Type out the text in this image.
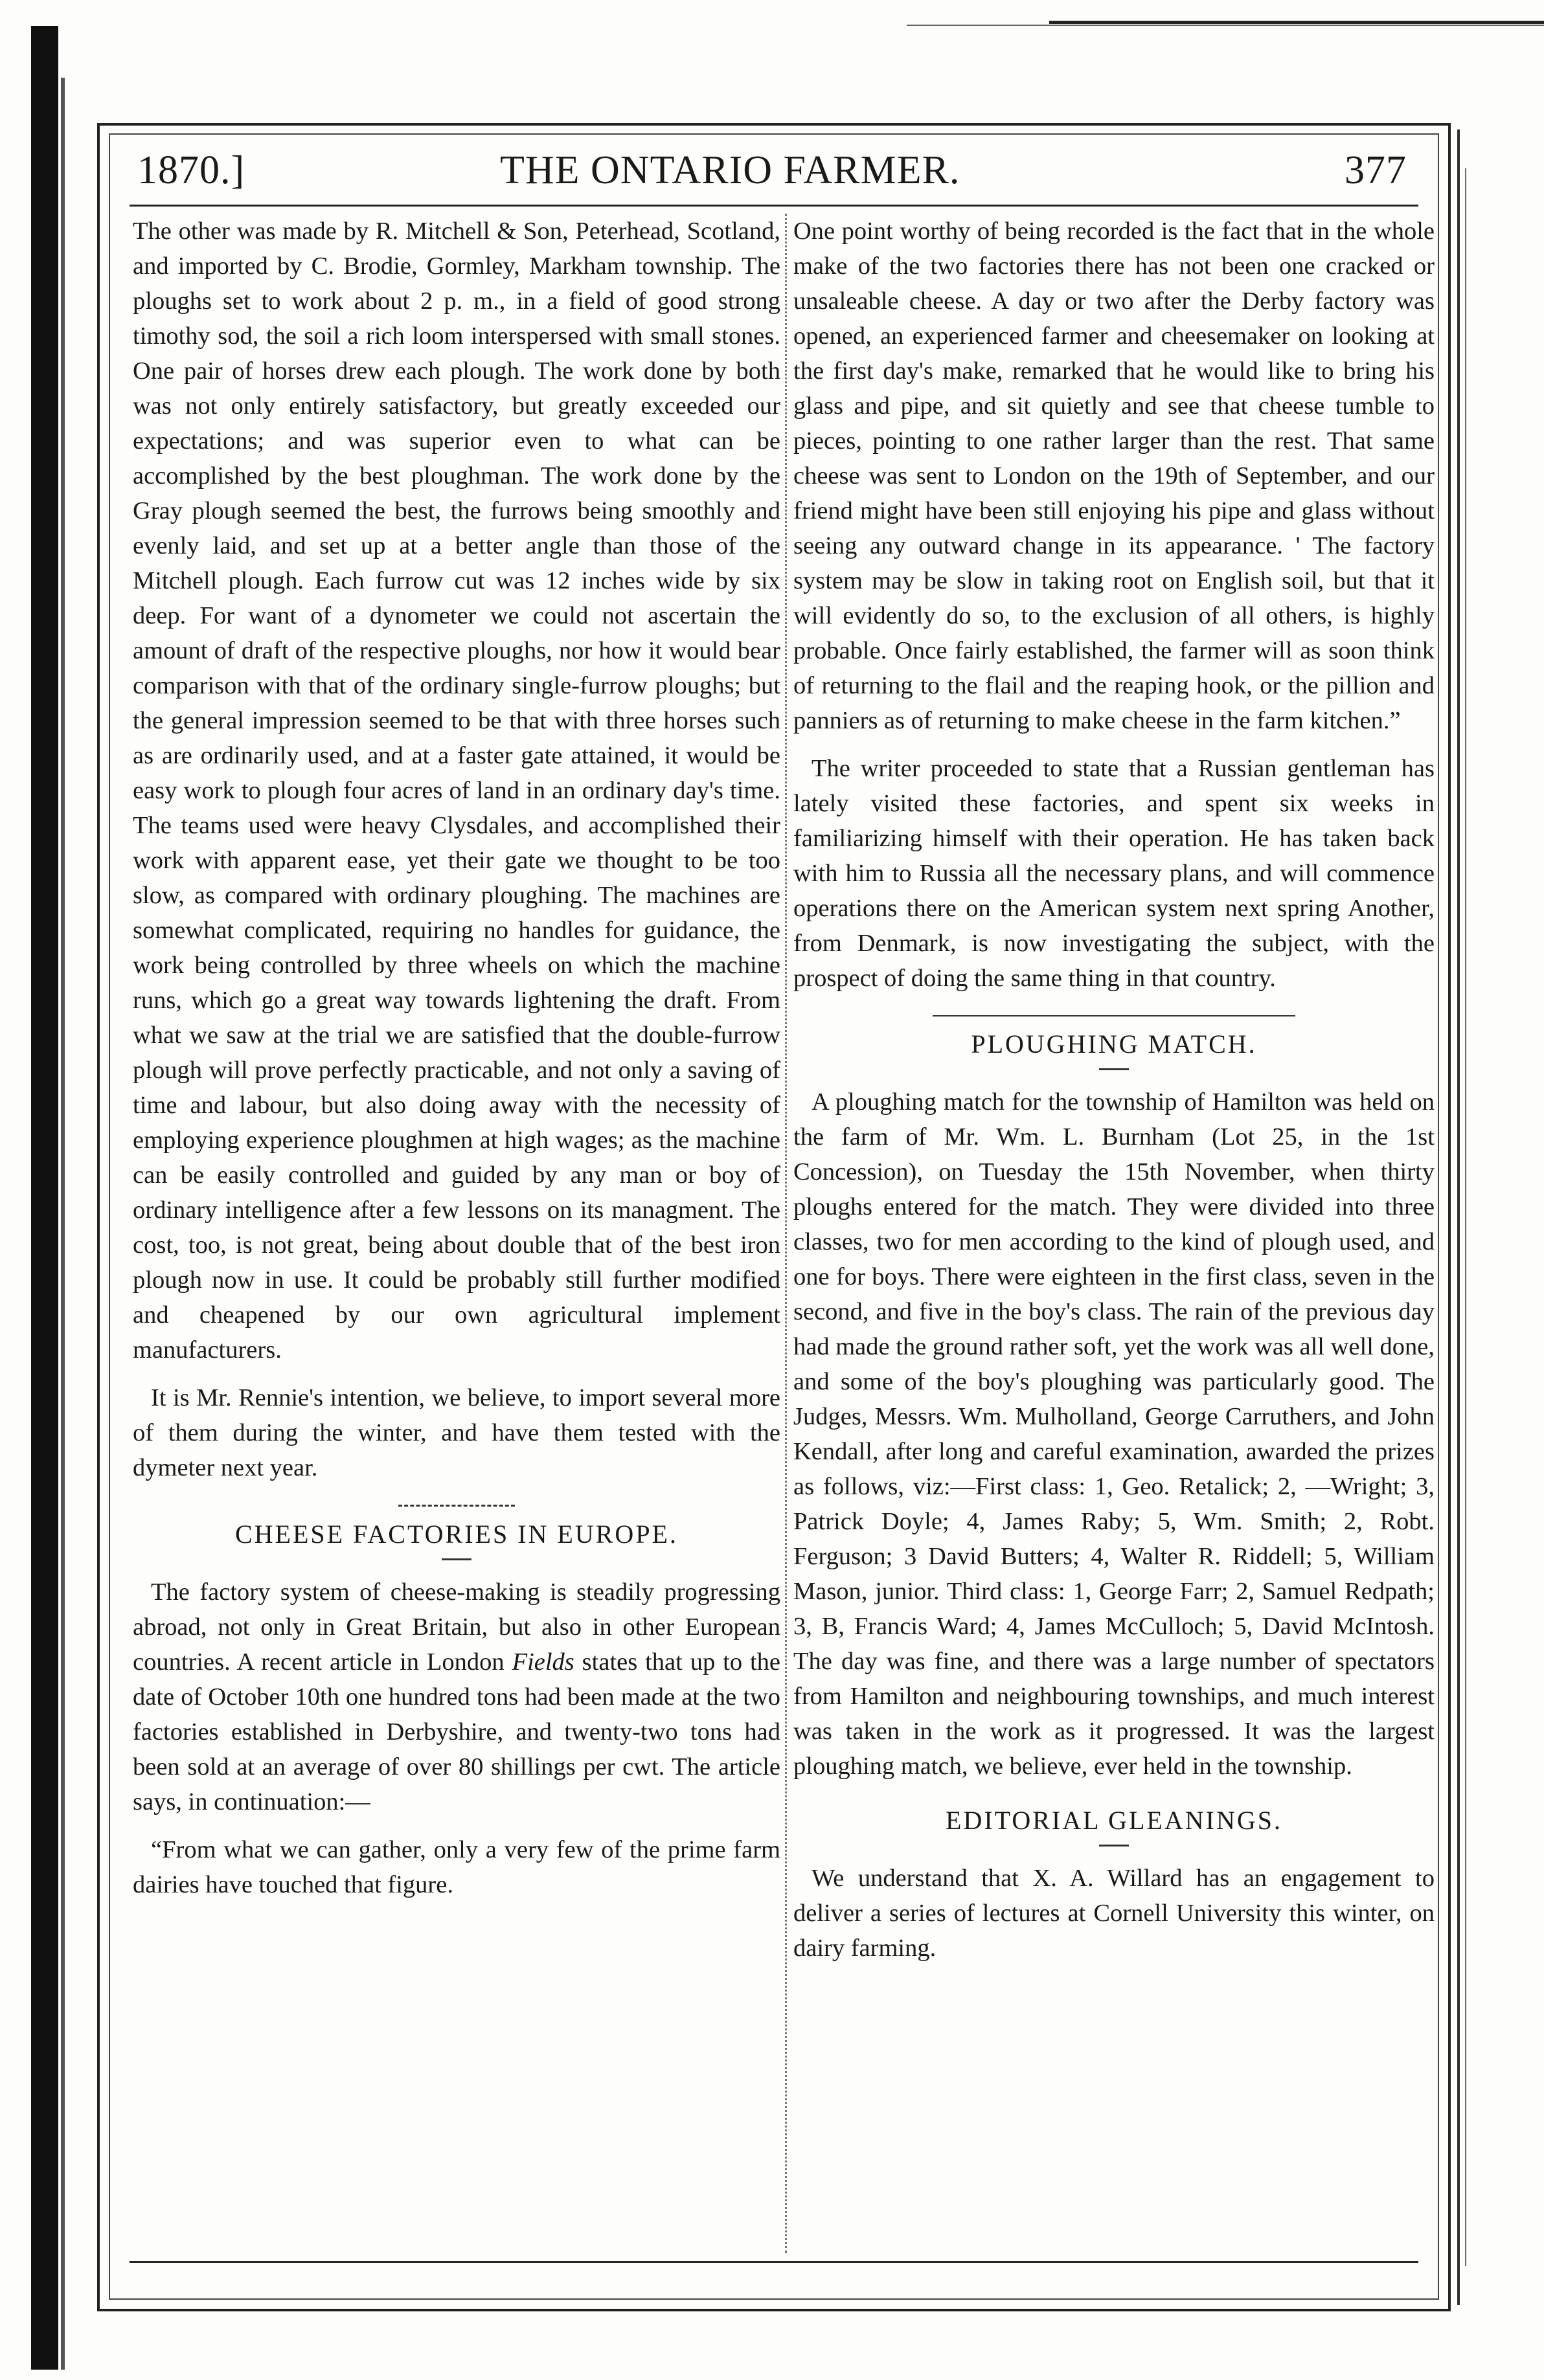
1870.]	THE ONTARIO FARMER.	377

The other was made by R. Mitchell & Son, Peterhead, Scotland, and imported by C. Brodie, Gormley, Markham township. The ploughs set to work about 2 p. m., in a field of good strong timothy sod, the soil a rich loom interspersed with small stones. One pair of horses drew each plough. The work done by both was not only entirely satisfactory, but greatly exceeded our expectations; and was superior even to what can be accomplished by the best ploughman. The work done by the Gray plough seemed the best, the furrows being smoothly and evenly laid, and set up at a better angle than those of the Mitchell plough. Each furrow cut was 12 inches wide by six deep. For want of a dynometer we could not ascertain the amount of draft of the respective ploughs, nor how it would bear comparison with that of the ordinary single-furrow ploughs; but the general impression seemed to be that with three horses such as are ordinarily used, and at a faster gate attained, it would be easy work to plough four acres of land in an ordinary day's time. The teams used were heavy Clysdales, and accomplished their work with apparent ease, yet their gate we thought to be too slow, as compared with ordinary ploughing. The machines are somewhat complicated, requiring no handles for guidance, the work being controlled by three wheels on which the machine runs, which go a great way towards lightening the draft. From what we saw at the trial we are satisfied that the double-furrow plough will prove perfectly practicable, and not only a saving of time and labour, but also doing away with the necessity of employing experience ploughmen at high wages; as the machine can be easily controlled and guided by any man or boy of ordinary intelligence after a few lessons on its managment. The cost, too, is not great, being about double that of the best iron plough now in use. It could be probably still further modified and cheapened by our own agricultural implement manufacturers.

It is Mr. Rennie's intention, we believe, to import several more of them during the winter, and have them tested with the dymeter next year.

CHEESE FACTORIES IN EUROPE.

The factory system of cheese-making is steadily progressing abroad, not only in Great Britain, but also in other European countries. A recent article in London Fields states that up to the date of October 10th one hundred tons had been made at the two factories established in Derbyshire, and twenty-two tons had been sold at an average of over 80 shillings per cwt. The article says, in continuation:—

“From what we can gather, only a very few of the prime farm dairies have touched that figure.

One point worthy of being recorded is the fact that in the whole make of the two factories there has not been one cracked or unsaleable cheese. A day or two after the Derby factory was opened, an experienced farmer and cheesemaker on looking at the first day's make, remarked that he would like to bring his glass and pipe, and sit quietly and see that cheese tumble to pieces, pointing to one rather larger than the rest. That same cheese was sent to London on the 19th of September, and our friend might have been still enjoying his pipe and glass without seeing any outward change in its appearance. ' The factory system may be slow in taking root on English soil, but that it will evidently do so, to the exclusion of all others, is highly probable. Once fairly established, the farmer will as soon think of returning to the flail and the reaping hook, or the pillion and panniers as of returning to make cheese in the farm kitchen.”

The writer proceeded to state that a Russian gentleman has lately visited these factories, and spent six weeks in familiarizing himself with their operation. He has taken back with him to Russia all the necessary plans, and will commence operations there on the American system next spring Another, from Denmark, is now investigating the subject, with the prospect of doing the same thing in that country.

PLOUGHING MATCH.

A ploughing match for the township of Hamilton was held on the farm of Mr. Wm. L. Burnham (Lot 25, in the 1st Concession), on Tuesday the 15th November, when thirty ploughs entered for the match. They were divided into three classes, two for men according to the kind of plough used, and one for boys. There were eighteen in the first class, seven in the second, and five in the boy's class. The rain of the previous day had made the ground rather soft, yet the work was all well done, and some of the boy's ploughing was particularly good. The Judges, Messrs. Wm. Mulholland, George Carruthers, and John Kendall, after long and careful examination, awarded the prizes as follows, viz:—First class: 1, Geo. Retalick; 2, —Wright; 3, Patrick Doyle; 4, James Raby; 5, Wm. Smith; 2, Robt. Ferguson; 3 David Butters; 4, Walter R. Riddell; 5, William Mason, junior. Third class: 1, George Farr; 2, Samuel Redpath; 3, B, Francis Ward; 4, James McCulloch; 5, David McIntosh. The day was fine, and there was a large number of spectators from Hamilton and neighbouring townships, and much interest was taken in the work as it progressed. It was the largest ploughing match, we believe, ever held in the township.

EDITORIAL GLEANINGS.

We understand that X. A. Willard has an engagement to deliver a series of lectures at Cornell University this winter, on dairy farming.
